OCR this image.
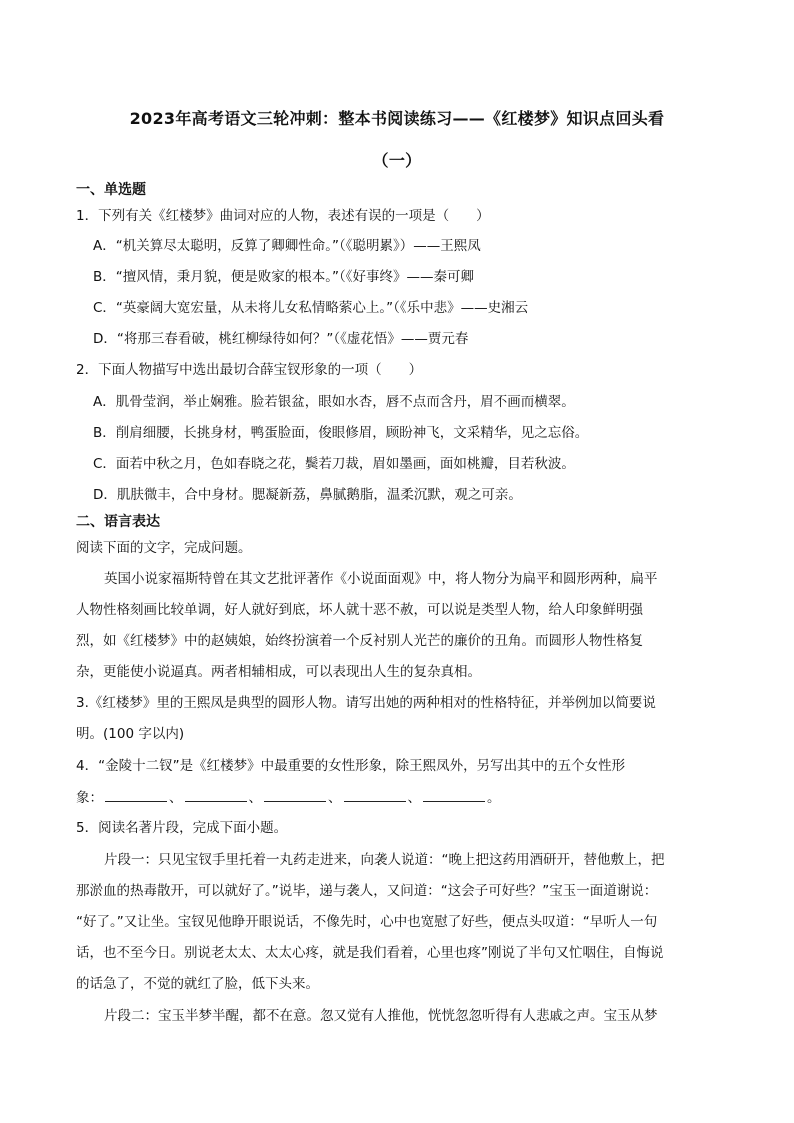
2023年高考语文三轮冲刺：整本书阅读练习——《红楼梦》知识点回头看
（一）
一、单选题
1．下列有关《红楼梦》曲词对应的人物，表述有误的一项是（　　）
A．“机关算尽太聪明，反算了卿卿性命。”（《聪明累》）——王熙凤
B．“擅风情，秉月貌，便是败家的根本。”（《好事终》——秦可卿
C．“英豪阔大宽宏量，从未将儿女私情略萦心上。”（《乐中悲》——史湘云
D．“将那三春看破，桃红柳绿待如何？”（《虚花悟》——贾元春
2．下面人物描写中选出最切合薛宝钗形象的一项（　　）
A．肌骨莹润，举止娴雅。脸若银盆，眼如水杏，唇不点而含丹，眉不画而横翠。
B．削肩细腰，长挑身材，鸭蛋脸面，俊眼修眉，顾盼神飞，文采精华，见之忘俗。
C．面若中秋之月，色如春晓之花，鬓若刀裁，眉如墨画，面如桃瓣，目若秋波。
D．肌肤微丰，合中身材。腮凝新荔，鼻腻鹅脂，温柔沉默，观之可亲。
二、语言表达
阅读下面的文字，完成问题。
英国小说家福斯特曾在其文艺批评著作《小说面面观》中，将人物分为扁平和圆形两种，扁平
人物性格刻画比较单调，好人就好到底，坏人就十恶不赦，可以说是类型人物，给人印象鲜明强
烈，如《红楼梦》中的赵姨娘，始终扮演着一个反衬别人光芒的廉价的丑角。而圆形人物性格复
杂，更能使小说逼真。两者相辅相成，可以表现出人生的复杂真相。
3.《红楼梦》里的王熙凤是典型的圆形人物。请写出她的两种相对的性格特征，并举例加以简要说
明。(100 字以内)
4．“金陵十二钗”是《红楼梦》中最重要的女性形象，除王熙凤外，另写出其中的五个女性形
象：	、	、	、	、	。
5．阅读名著片段，完成下面小题。
片段一：只见宝钗手里托着一丸药走进来，向袭人说道：“晚上把这药用酒研开，替他敷上，把
那淤血的热毒散开，可以就好了。”说毕，递与袭人，又问道：“这会子可好些？”宝玉一面道谢说：
“好了。”又让坐。宝钗见他睁开眼说话，不像先时，心中也宽慰了好些，便点头叹道：“早听人一句
话，也不至今日。别说老太太、太太心疼，就是我们看着，心里也疼”刚说了半句又忙咽住，自悔说
的话急了，不觉的就红了脸，低下头来。
片段二：宝玉半梦半醒，都不在意。忽又觉有人推他，恍恍忽忽听得有人悲戚之声。宝玉从梦
